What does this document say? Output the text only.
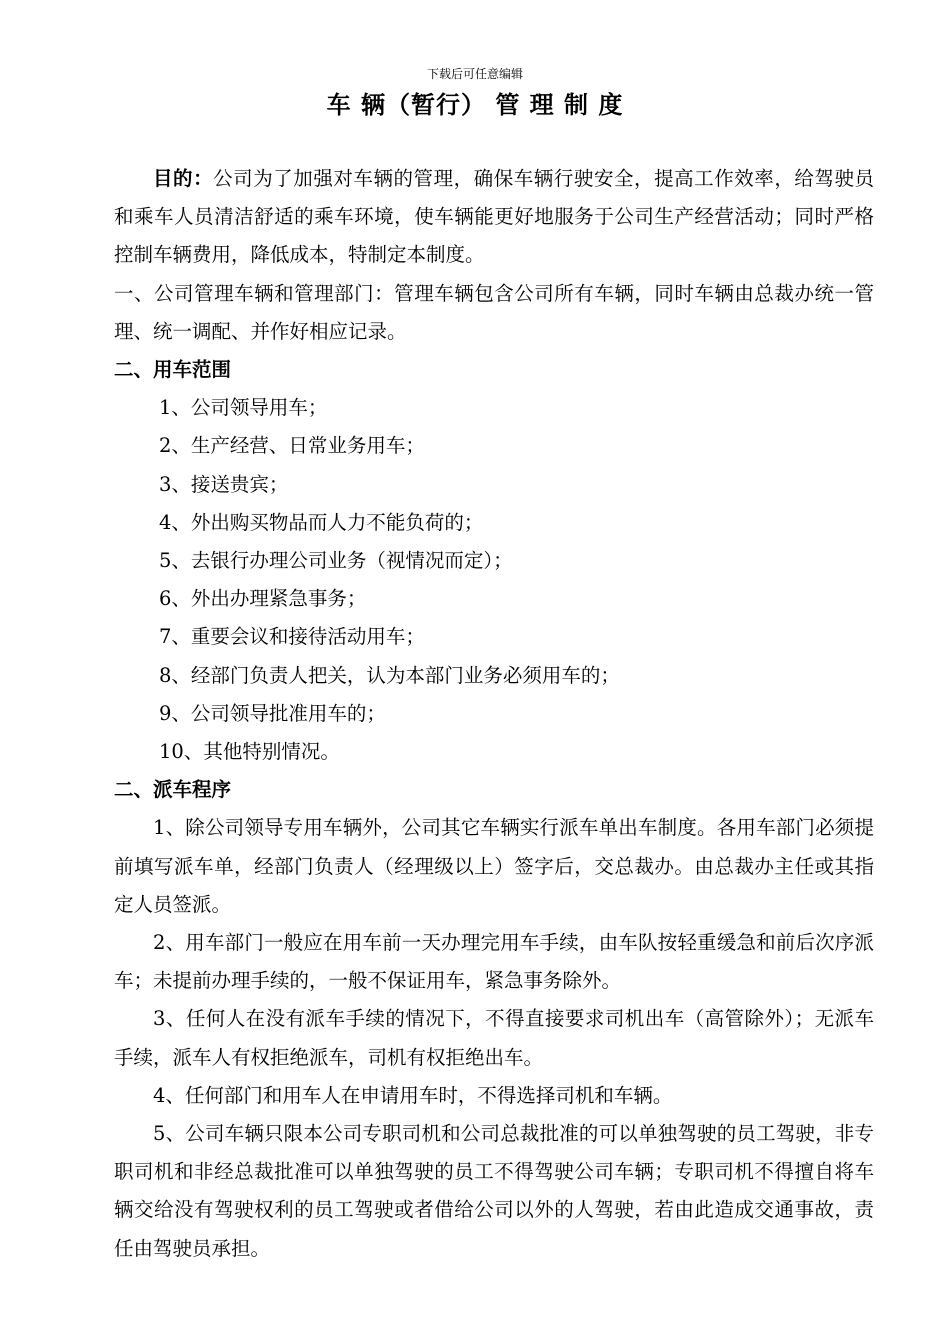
下载后可任意编辑
车 辆（暂行） 管 理 制 度

目的：公司为了加强对车辆的管理，确保车辆行驶安全，提高工作效率，给驾驶员和乘车人员清洁舒适的乘车环境，使车辆能更好地服务于公司生产经营活动；同时严格控制车辆费用，降低成本，特制定本制度。

一、公司管理车辆和管理部门：管理车辆包含公司所有车辆，同时车辆由总裁办统一管理、统一调配、并作好相应记录。

二、用车范围

1、公司领导用车；

2、生产经营、日常业务用车；

3、接送贵宾；

4、外出购买物品而人力不能负荷的；

5、去银行办理公司业务（视情况而定）；

6、外出办理紧急事务；

7、重要会议和接待活动用车；

8、经部门负责人把关，认为本部门业务必须用车的；

9、公司领导批准用车的；

10、其他特别情况。

二、派车程序

1、除公司领导专用车辆外，公司其它车辆实行派车单出车制度。各用车部门必须提前填写派车单，经部门负责人（经理级以上）签字后，交总裁办。由总裁办主任或其指定人员签派。

2、用车部门一般应在用车前一天办理完用车手续，由车队按轻重缓急和前后次序派车；未提前办理手续的，一般不保证用车，紧急事务除外。

3、任何人在没有派车手续的情况下，不得直接要求司机出车（高管除外）；无派车手续，派车人有权拒绝派车，司机有权拒绝出车。

4、任何部门和用车人在申请用车时，不得选择司机和车辆。

5、公司车辆只限本公司专职司机和公司总裁批准的可以单独驾驶的员工驾驶，非专职司机和非经总裁批准可以单独驾驶的员工不得驾驶公司车辆；专职司机不得擅自将车辆交给没有驾驶权利的员工驾驶或者借给公司以外的人驾驶，若由此造成交通事故，责任由驾驶员承担。
